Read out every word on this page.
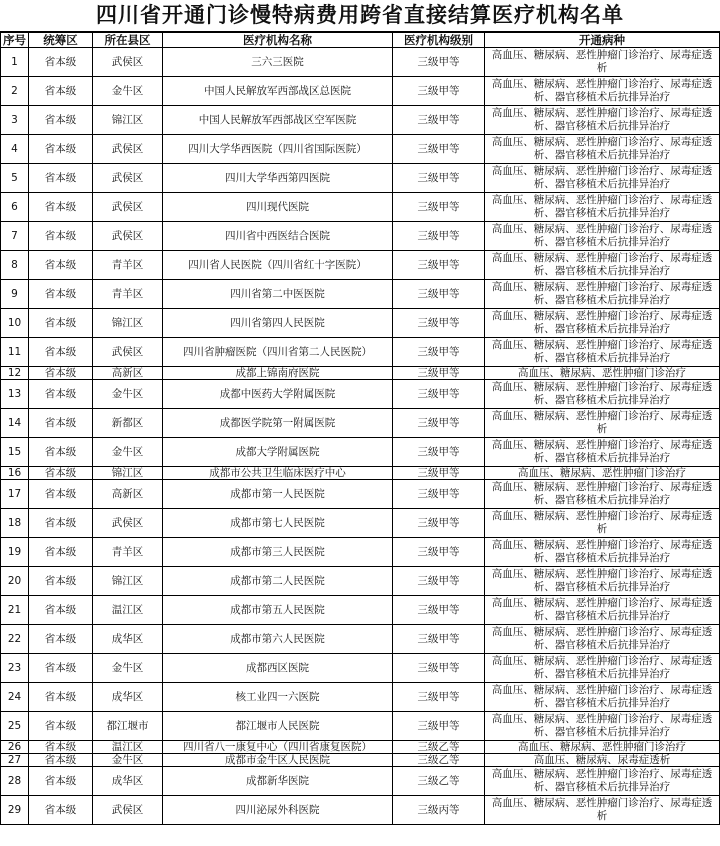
四川省开通门诊慢特病费用跨省直接结算医疗机构名单
序号	统筹区	所在县区	医疗机构名称	医疗机构级别	开通病种
1	省本级	武侯区	三六三医院	三级甲等	高血压、糖尿病、恶性肿瘤门诊治疗、尿毒症透析
2	省本级	金牛区	中国人民解放军西部战区总医院	三级甲等	高血压、糖尿病、恶性肿瘤门诊治疗、尿毒症透析、器官移植术后抗排异治疗
3	省本级	锦江区	中国人民解放军西部战区空军医院	三级甲等	高血压、糖尿病、恶性肿瘤门诊治疗、尿毒症透析、器官移植术后抗排异治疗
4	省本级	武侯区	四川大学华西医院（四川省国际医院）	三级甲等	高血压、糖尿病、恶性肿瘤门诊治疗、尿毒症透析、器官移植术后抗排异治疗
5	省本级	武侯区	四川大学华西第四医院	三级甲等	高血压、糖尿病、恶性肿瘤门诊治疗、尿毒症透析、器官移植术后抗排异治疗
6	省本级	武侯区	四川现代医院	三级甲等	高血压、糖尿病、恶性肿瘤门诊治疗、尿毒症透析、器官移植术后抗排异治疗
7	省本级	武侯区	四川省中西医结合医院	三级甲等	高血压、糖尿病、恶性肿瘤门诊治疗、尿毒症透析、器官移植术后抗排异治疗
8	省本级	青羊区	四川省人民医院（四川省红十字医院）	三级甲等	高血压、糖尿病、恶性肿瘤门诊治疗、尿毒症透析、器官移植术后抗排异治疗
9	省本级	青羊区	四川省第二中医医院	三级甲等	高血压、糖尿病、恶性肿瘤门诊治疗、尿毒症透析、器官移植术后抗排异治疗
10	省本级	锦江区	四川省第四人民医院	三级甲等	高血压、糖尿病、恶性肿瘤门诊治疗、尿毒症透析、器官移植术后抗排异治疗
11	省本级	武侯区	四川省肿瘤医院（四川省第二人民医院）	三级甲等	高血压、糖尿病、恶性肿瘤门诊治疗、尿毒症透析、器官移植术后抗排异治疗
12	省本级	高新区	成都上锦南府医院	三级甲等	高血压、糖尿病、恶性肿瘤门诊治疗
13	省本级	金牛区	成都中医药大学附属医院	三级甲等	高血压、糖尿病、恶性肿瘤门诊治疗、尿毒症透析、器官移植术后抗排异治疗
14	省本级	新都区	成都医学院第一附属医院	三级甲等	高血压、糖尿病、恶性肿瘤门诊治疗、尿毒症透析
15	省本级	金牛区	成都大学附属医院	三级甲等	高血压、糖尿病、恶性肿瘤门诊治疗、尿毒症透析、器官移植术后抗排异治疗
16	省本级	锦江区	成都市公共卫生临床医疗中心	三级甲等	高血压、糖尿病、恶性肿瘤门诊治疗
17	省本级	高新区	成都市第一人民医院	三级甲等	高血压、糖尿病、恶性肿瘤门诊治疗、尿毒症透析、器官移植术后抗排异治疗
18	省本级	武侯区	成都市第七人民医院	三级甲等	高血压、糖尿病、恶性肿瘤门诊治疗、尿毒症透析
19	省本级	青羊区	成都市第三人民医院	三级甲等	高血压、糖尿病、恶性肿瘤门诊治疗、尿毒症透析、器官移植术后抗排异治疗
20	省本级	锦江区	成都市第二人民医院	三级甲等	高血压、糖尿病、恶性肿瘤门诊治疗、尿毒症透析、器官移植术后抗排异治疗
21	省本级	温江区	成都市第五人民医院	三级甲等	高血压、糖尿病、恶性肿瘤门诊治疗、尿毒症透析、器官移植术后抗排异治疗
22	省本级	成华区	成都市第六人民医院	三级甲等	高血压、糖尿病、恶性肿瘤门诊治疗、尿毒症透析、器官移植术后抗排异治疗
23	省本级	金牛区	成都西区医院	三级甲等	高血压、糖尿病、恶性肿瘤门诊治疗、尿毒症透析、器官移植术后抗排异治疗
24	省本级	成华区	核工业四一六医院	三级甲等	高血压、糖尿病、恶性肿瘤门诊治疗、尿毒症透析、器官移植术后抗排异治疗
25	省本级	都江堰市	都江堰市人民医院	三级甲等	高血压、糖尿病、恶性肿瘤门诊治疗、尿毒症透析、器官移植术后抗排异治疗
26	省本级	温江区	四川省八一康复中心（四川省康复医院）	三级乙等	高血压、糖尿病、恶性肿瘤门诊治疗
27	省本级	金牛区	成都市金牛区人民医院	三级乙等	高血压、糖尿病、尿毒症透析
28	省本级	成华区	成都新华医院	三级乙等	高血压、糖尿病、恶性肿瘤门诊治疗、尿毒症透析、器官移植术后抗排异治疗
29	省本级	武侯区	四川泌尿外科医院	三级丙等	高血压、糖尿病、恶性肿瘤门诊治疗、尿毒症透析
